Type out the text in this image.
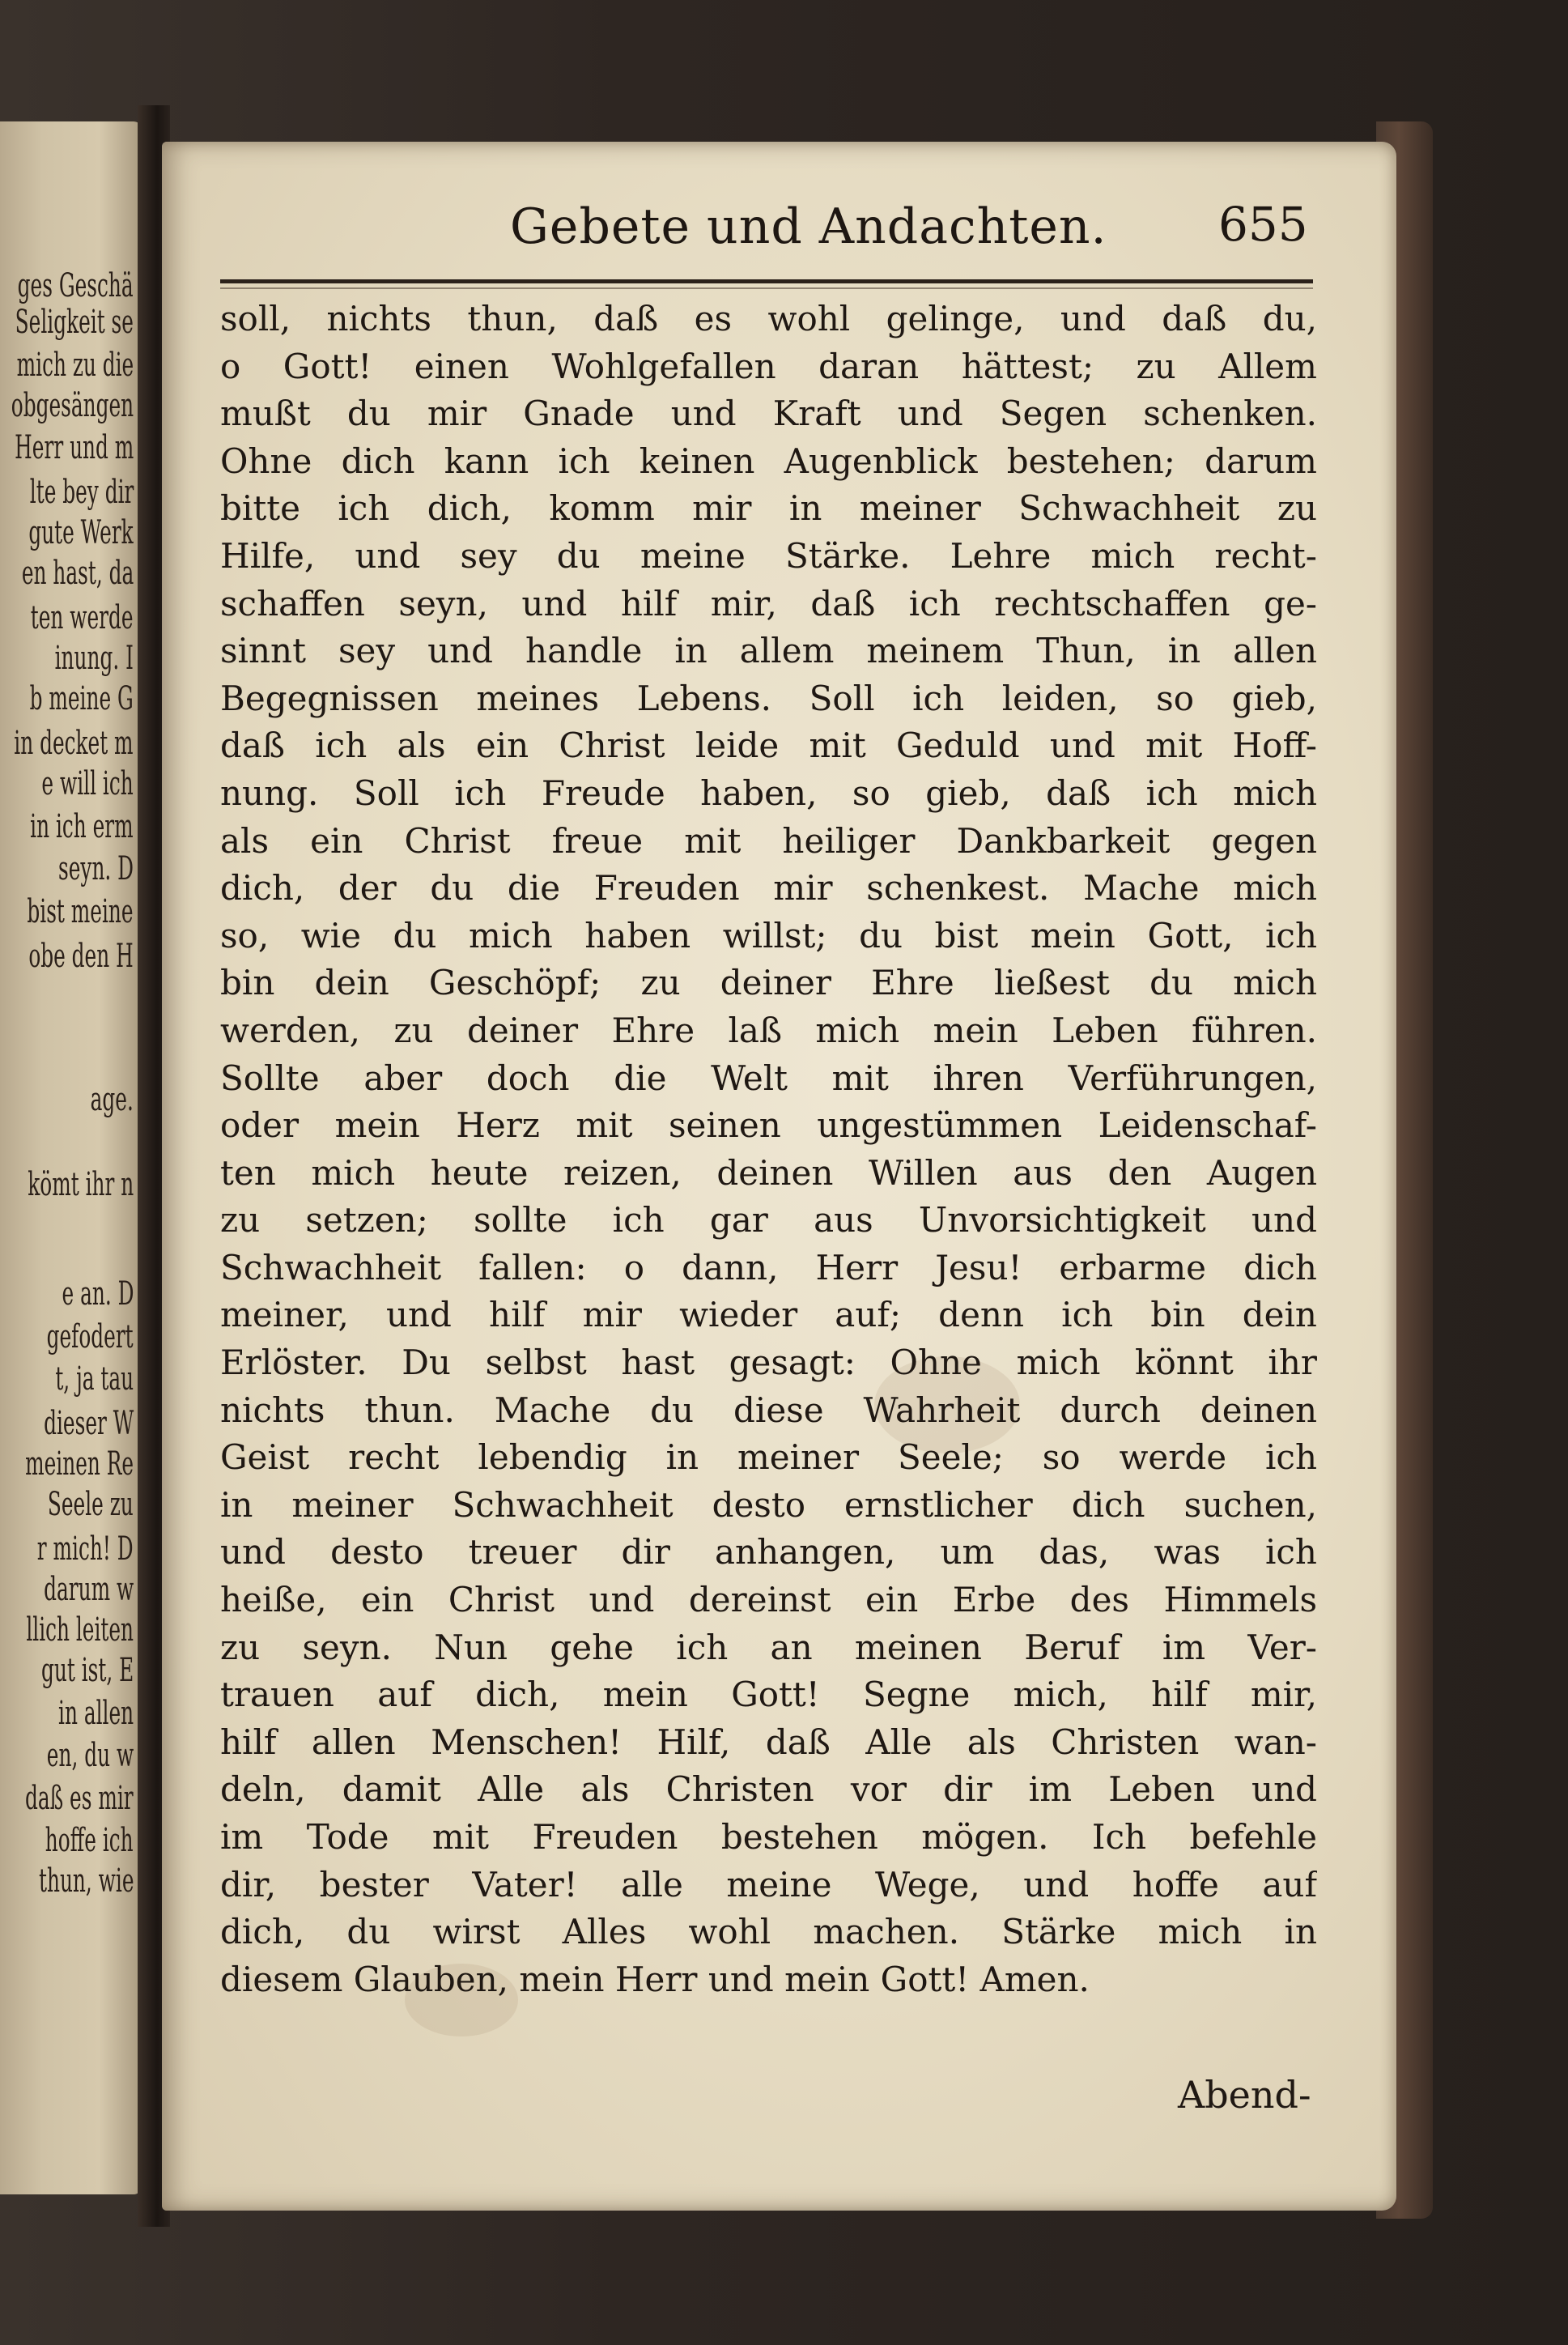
ges Geschä
Seligkeit se
mich zu die
obgesängen
Herr und m
lte bey dir
gute Werk
en hast, da
ten werde
inung. I
b meine G
in decket m
e will ich
in ich erm
seyn. D
bist meine
obe den H
age.
kömt ihr n
e an. D
gefodert
t, ja tau
dieser W
meinen Re
Seele zu
r mich! D
darum w
llich leiten
gut ist, E
in allen
en, du w
daß es mir
hoffe ich
thun, wie
Gebete und Andachten. 655
soll, nichts thun, daß es wohl gelinge, und daß du,
o Gott! einen Wohlgefallen daran hättest; zu Allem
mußt du mir Gnade und Kraft und Segen schenken.
Ohne dich kann ich keinen Augenblick bestehen; darum
bitte ich dich, komm mir in meiner Schwachheit zu
Hilfe, und sey du meine Stärke. Lehre mich recht-
schaffen seyn, und hilf mir, daß ich rechtschaffen ge-
sinnt sey und handle in allem meinem Thun, in allen
Begegnissen meines Lebens. Soll ich leiden, so gieb,
daß ich als ein Christ leide mit Geduld und mit Hoff-
nung. Soll ich Freude haben, so gieb, daß ich mich
als ein Christ freue mit heiliger Dankbarkeit gegen
dich, der du die Freuden mir schenkest. Mache mich
so, wie du mich haben willst; du bist mein Gott, ich
bin dein Geschöpf; zu deiner Ehre ließest du mich
werden, zu deiner Ehre laß mich mein Leben führen.
Sollte aber doch die Welt mit ihren Verführungen,
oder mein Herz mit seinen ungestümmen Leidenschaf-
ten mich heute reizen, deinen Willen aus den Augen
zu setzen; sollte ich gar aus Unvorsichtigkeit und
Schwachheit fallen: o dann, Herr Jesu! erbarme dich
meiner, und hilf mir wieder auf; denn ich bin dein
Erlöster. Du selbst hast gesagt: Ohne mich könnt ihr
nichts thun. Mache du diese Wahrheit durch deinen
Geist recht lebendig in meiner Seele; so werde ich
in meiner Schwachheit desto ernstlicher dich suchen,
und desto treuer dir anhangen, um das, was ich
heiße, ein Christ und dereinst ein Erbe des Himmels
zu seyn. Nun gehe ich an meinen Beruf im Ver-
trauen auf dich, mein Gott! Segne mich, hilf mir,
hilf allen Menschen! Hilf, daß Alle als Christen wan-
deln, damit Alle als Christen vor dir im Leben und
im Tode mit Freuden bestehen mögen. Ich befehle
dir, bester Vater! alle meine Wege, und hoffe auf
dich, du wirst Alles wohl machen. Stärke mich in
diesem Glauben, mein Herr und mein Gott! Amen.
Abend-
